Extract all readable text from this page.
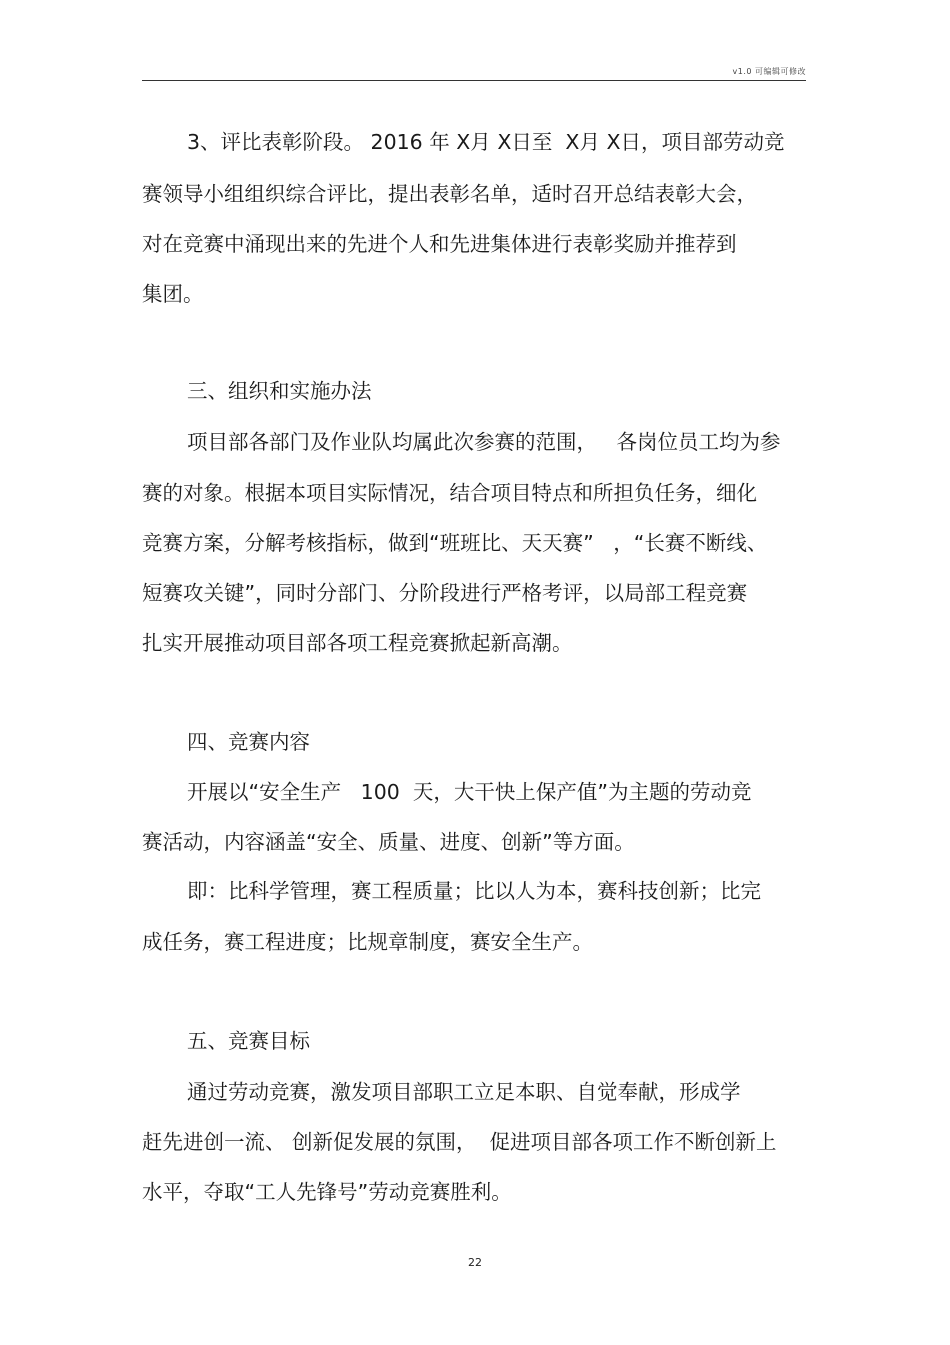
v1.0 可编辑可修改
3、评比表彰阶段。 2016 年 X月 X日至  X月 X日，项目部劳动竞
赛领导小组组织综合评比，提出表彰名单，适时召开总结表彰大会，
对在竞赛中涌现出来的先进个人和先进集体进行表彰奖励并推荐到
集团。
三、组织和实施办法
项目部各部门及作业队均属此次参赛的范围，   各岗位员工均为参
赛的对象。根据本项目实际情况，结合项目特点和所担负任务，细化
竞赛方案，分解考核指标，做到“班班比、天天赛”   ，“长赛不断线、
短赛攻关键”，同时分部门、分阶段进行严格考评，以局部工程竞赛
扎实开展推动项目部各项工程竞赛掀起新高潮。
四、竞赛内容
开展以“安全生产   100  天，大干快上保产值”为主题的劳动竞
赛活动，内容涵盖“安全、质量、进度、创新”等方面。
即：比科学管理，赛工程质量；比以人为本，赛科技创新；比完
成任务，赛工程进度；比规章制度，赛安全生产。
五、竞赛目标
通过劳动竞赛，激发项目部职工立足本职、自觉奉献，形成学
赶先进创一流、 创新促发展的氛围，  促进项目部各项工作不断创新上
水平，夺取“工人先锋号”劳动竞赛胜利。
22
